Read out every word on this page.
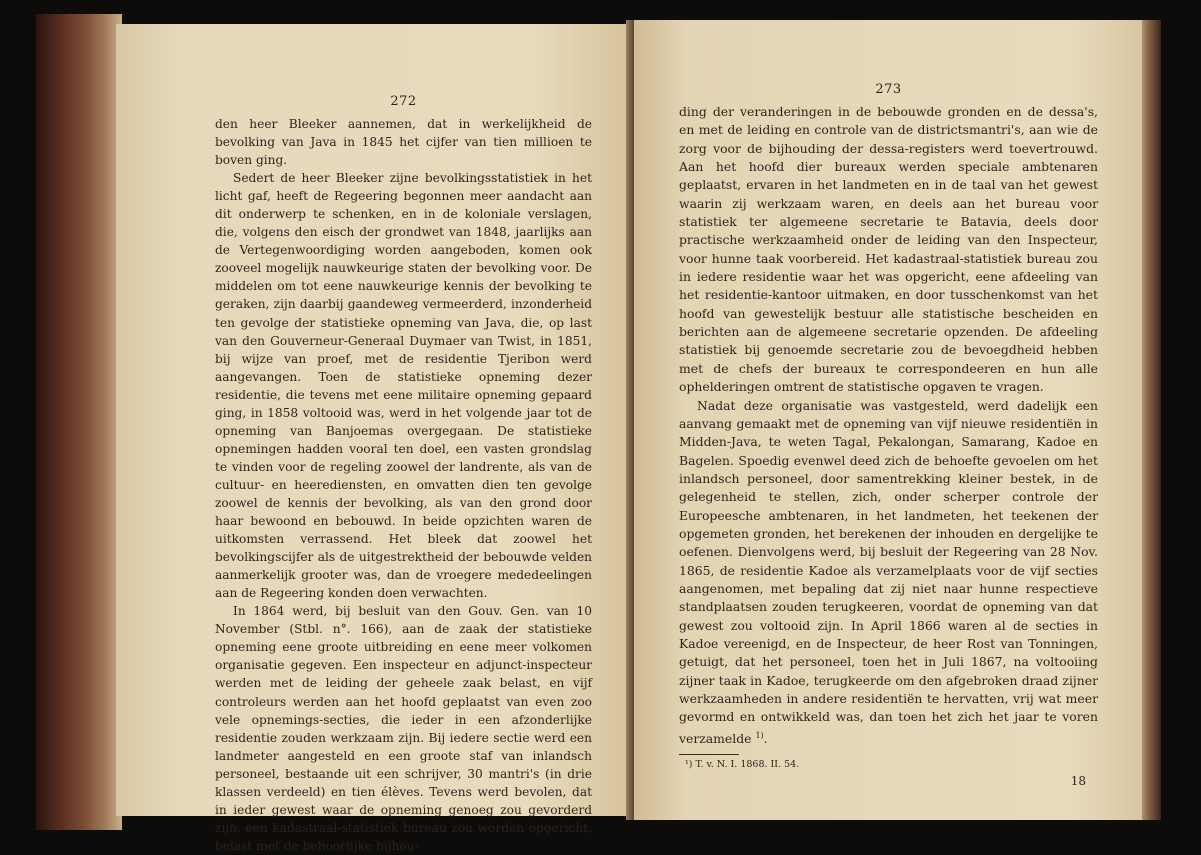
272

den heer Bleeker aannemen, dat in werkelijkheid de bevolking van Java in 1845 het cijfer van tien millioen te boven ging.

Sedert de heer Bleeker zijne bevolkingsstatistiek in het licht gaf, heeft de Regeering begonnen meer aandacht aan dit onderwerp te schenken, en in de koloniale verslagen, die, volgens den eisch der grondwet van 1848, jaarlijks aan de Vertegenwoordiging worden aangeboden, komen ook zooveel mogelijk nauwkeurige staten der bevolking voor. De middelen om tot eene nauwkeurige kennis der bevolking te geraken, zijn daarbij gaandeweg vermeerderd, inzonderheid ten gevolge der statistieke opneming van Java, die, op last van den Gouverneur-Generaal Duymaer van Twist, in 1851, bij wijze van proef, met de residentie Tjeribon werd aangevangen. Toen de statistieke opneming dezer residentie, die tevens met eene militaire opneming gepaard ging, in 1858 voltooid was, werd in het volgende jaar tot de opneming van Banjoemas overgegaan. De statistieke opnemingen hadden vooral ten doel, een vasten grondslag te vinden voor de regeling zoowel der landrente, als van de cultuur- en heerediensten, en omvatten dien ten gevolge zoowel de kennis der bevolking, als van den grond door haar bewoond en bebouwd. In beide opzichten waren de uitkomsten verrassend. Het bleek dat zoowel het bevolkingscijfer als de uitgestrektheid der bebouwde velden aanmerkelijk grooter was, dan de vroegere mededeelingen aan de Regeering konden doen verwachten.

In 1864 werd, bij besluit van den Gouv. Gen. van 10 November (Stbl. n°. 166), aan de zaak der statistieke opneming eene groote uitbreiding en eene meer volkomen organisatie gegeven. Een inspecteur en adjunct-inspecteur werden met de leiding der geheele zaak belast, en vijf controleurs werden aan het hoofd geplaatst van even zoo vele opnemings-secties, die ieder in een afzonderlijke residentie zouden werkzaam zijn. Bij iedere sectie werd een landmeter aangesteld en een groote staf van inlandsch personeel, bestaande uit een schrijver, 30 mantri's (in drie klassen verdeeld) en tien élèves. Tevens werd bevolen, dat in ieder gewest waar de opneming genoeg zou gevorderd zijn, een kadastraal-statistiek bureau zou worden opgericht, belast met de behoorlijke bijhou-

273

ding der veranderingen in de bebouwde gronden en de dessa's, en met de leiding en controle van de districtsmantri's, aan wie de zorg voor de bijhouding der dessa-registers werd toevertrouwd. Aan het hoofd dier bureaux werden speciale ambtenaren geplaatst, ervaren in het landmeten en in de taal van het gewest waarin zij werkzaam waren, en deels aan het bureau voor statistiek ter algemeene secretarie te Batavia, deels door practische werkzaamheid onder de leiding van den Inspecteur, voor hunne taak voorbereid. Het kadastraal-statistiek bureau zou in iedere residentie waar het was opgericht, eene afdeeling van het residentie-kantoor uitmaken, en door tusschenkomst van het hoofd van gewestelijk bestuur alle statistische bescheiden en berichten aan de algemeene secretarie opzenden. De afdeeling statistiek bij genoemde secretarie zou de bevoegdheid hebben met de chefs der bureaux te correspondeeren en hun alle ophelderingen omtrent de statistische opgaven te vragen.

Nadat deze organisatie was vastgesteld, werd dadelijk een aanvang gemaakt met de opneming van vijf nieuwe residentiën in Midden-Java, te weten Tagal, Pekalongan, Samarang, Kadoe en Bagelen. Spoedig evenwel deed zich de behoefte gevoelen om het inlandsch personeel, door samentrekking kleiner bestek, in de gelegenheid te stellen, zich, onder scherper controle der Europeesche ambtenaren, in het landmeten, het teekenen der opgemeten gronden, het berekenen der inhouden en dergelijke te oefenen. Dienvolgens werd, bij besluit der Regeering van 28 Nov. 1865, de residentie Kadoe als verzamelplaats voor de vijf secties aangenomen, met bepaling dat zij niet naar hunne respectieve standplaatsen zouden terugkeeren, voordat de opneming van dat gewest zou voltooid zijn. In April 1866 waren al de secties in Kadoe vereenigd, en de Inspecteur, de heer Rost van Tonningen, getuigt, dat het personeel, toen het in Juli 1867, na voltooiing zijner taak in Kadoe, terugkeerde om den afgebroken draad zijner werkzaamheden in andere residentiën te hervatten, vrij wat meer gevormd en ontwikkeld was, dan toen het zich het jaar te voren verzamelde $^{1)}$.

¹) T. v. N. I. 1868. II. 54.
18
